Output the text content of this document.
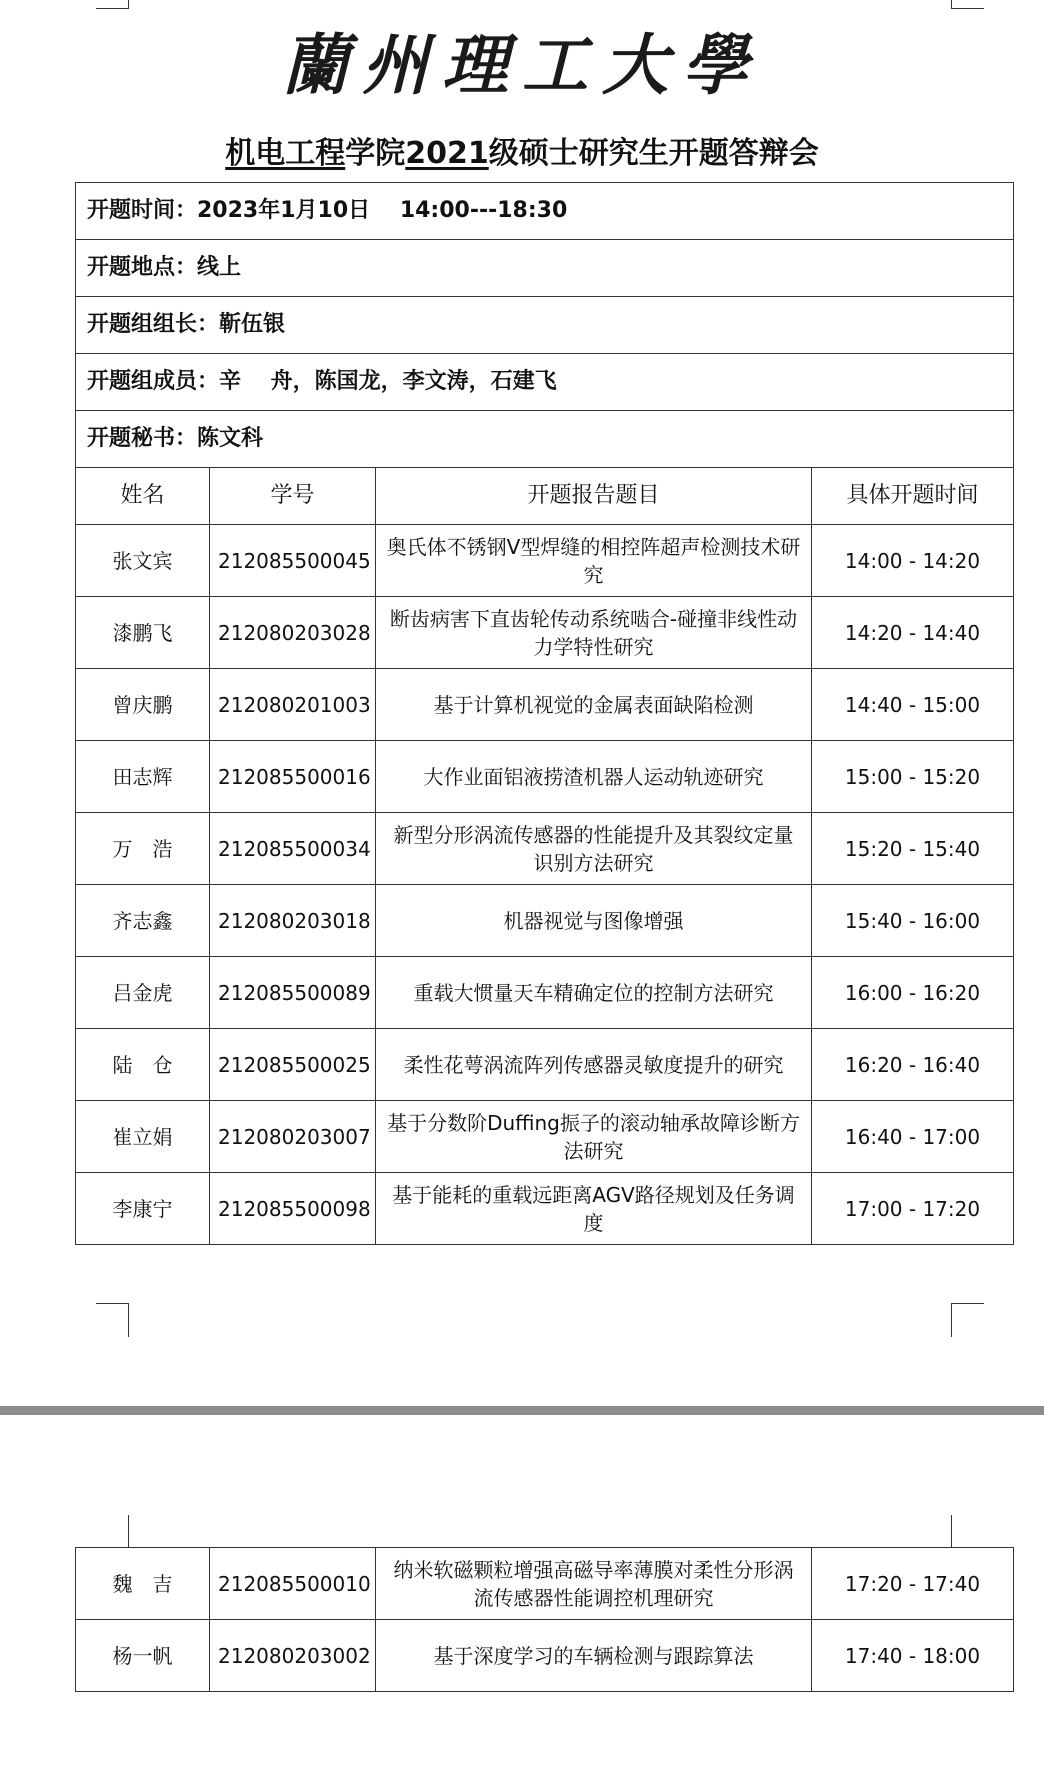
蘭州理工大學
机电工程学院2021级硕士研究生开题答辩会
开题时间：2023年1月10日　 14:00---18:30			
开题地点：线上			
开题组组长：靳伍银			
开题组成员：辛　 舟，陈国龙，李文涛，石建飞			
开题秘书：陈文科			
姓名	学号	开题报告题目	具体开题时间
张文宾	212085500045	奥氏体不锈钢V型焊缝的相控阵超声检测技术研究	14:00 - 14:20
漆鹏飞	212080203028	断齿病害下直齿轮传动系统啮合-碰撞非线性动力学特性研究	14:20 - 14:40
曾庆鹏	212080201003	基于计算机视觉的金属表面缺陷检测	14:40 - 15:00
田志辉	212085500016	大作业面铝液捞渣机器人运动轨迹研究	15:00 - 15:20
万　浩	212085500034	新型分形涡流传感器的性能提升及其裂纹定量识别方法研究	15:20 - 15:40
齐志鑫	212080203018	机器视觉与图像增强	15:40 - 16:00
吕金虎	212085500089	重载大惯量天车精确定位的控制方法研究	16:00 - 16:20
陆　仓	212085500025	柔性花萼涡流阵列传感器灵敏度提升的研究	16:20 - 16:40
崔立娟	212080203007	基于分数阶Duffing振子的滚动轴承故障诊断方法研究	16:40 - 17:00
李康宁	212085500098	基于能耗的重载远距离AGV路径规划及任务调度	17:00 - 17:20
魏　吉	212085500010	纳米软磁颗粒增强高磁导率薄膜对柔性分形涡流传感器性能调控机理研究	17:20 - 17:40
杨一帆	212080203002	基于深度学习的车辆检测与跟踪算法	17:40 - 18:00
